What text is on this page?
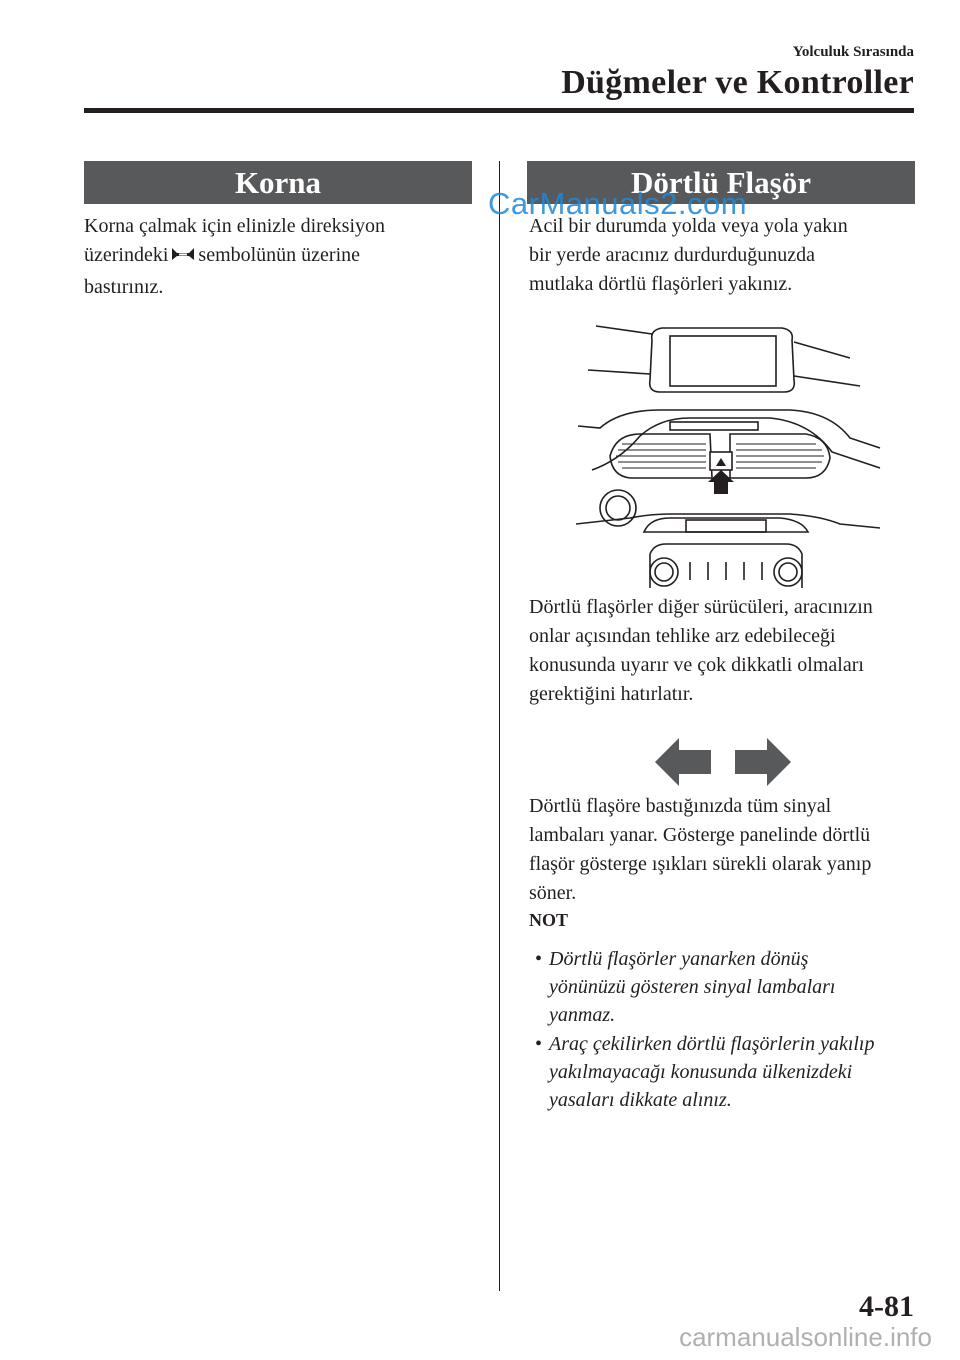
Yolculuk Sırasında
Düğmeler ve Kontroller
Korna
Korna çalmak için elinizle direksiyon
üzerindeki sembolünün üzerine
bastırınız.
Dörtlü Flaşör
CarManuals2.com
Acil bir durumda yolda veya yola yakın
bir yerde aracınız durdurduğunuzda
mutlaka dörtlü flaşörleri yakınız.
Dörtlü flaşörler diğer sürücüleri, aracınızın
onlar açısından tehlike arz edebileceği
konusunda uyarır ve çok dikkatli olmaları
gerektiğini hatırlatır.
Dörtlü flaşöre bastığınızda tüm sinyal
lambaları yanar. Gösterge panelinde dörtlü
flaşör gösterge ışıkları sürekli olarak yanıp
söner.
NOT
• Dörtlü flaşörler yanarken dönüş
yönünüzü gösteren sinyal lambaları
yanmaz.
• Araç çekilirken dörtlü flaşörlerin yakılıp
yakılmayacağı konusunda ülkenizdeki
yasaları dikkate alınız.
4-81
carmanualsonline.info
